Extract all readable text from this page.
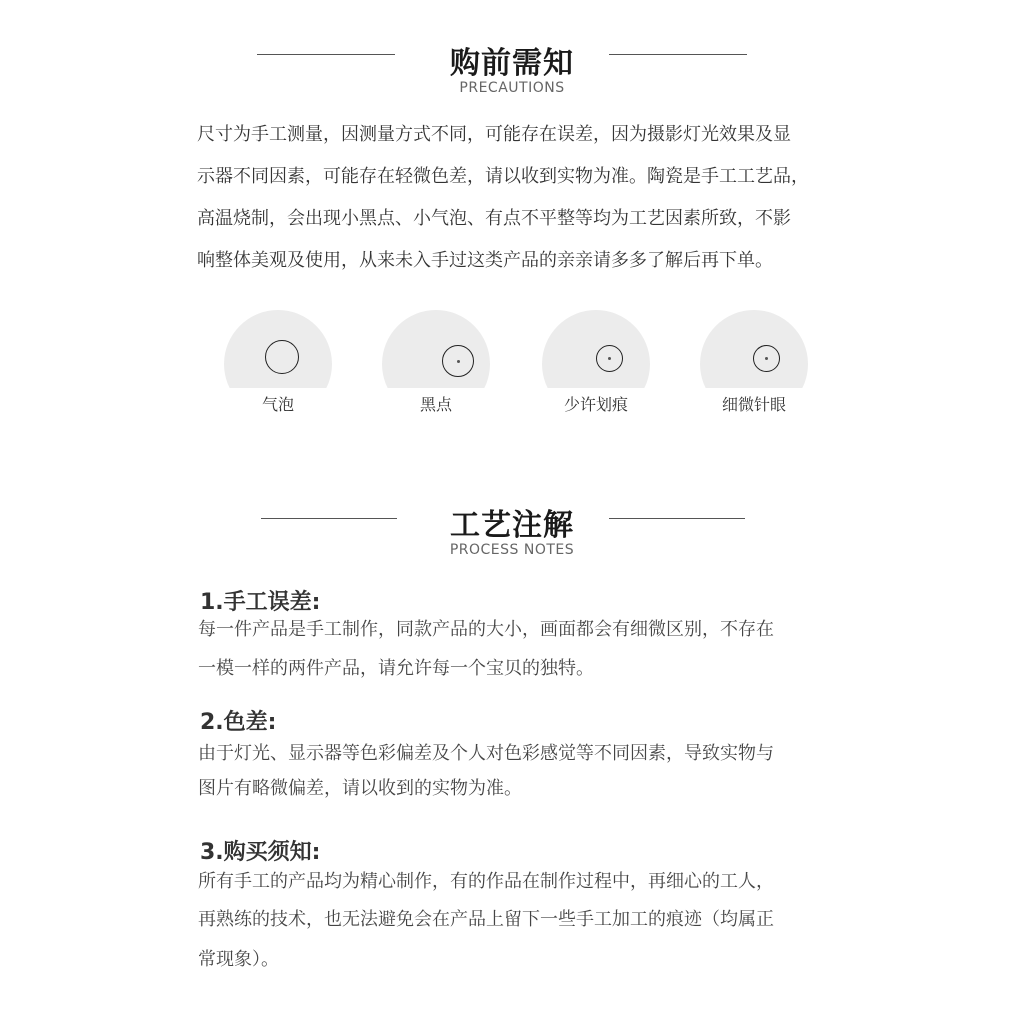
购前需知
PRECAUTIONS

尺寸为手工测量，因测量方式不同，可能存在误差，因为摄影灯光效果及显

示器不同因素，可能存在轻微色差，请以收到实物为准。陶瓷是手工工艺品，

高温烧制，会出现小黑点、小气泡、有点不平整等均为工艺因素所致，不影

响整体美观及使用，从来未入手过这类产品的亲亲请多多了解后再下单。

气泡	黑点	少许划痕	细微针眼
工艺注解
PROCESS NOTES
1.手工误差:

每一件产品是手工制作，同款产品的大小，画面都会有细微区别，不存在

一模一样的两件产品，请允许每一个宝贝的独特。

2.色差:

由于灯光、显示器等色彩偏差及个人对色彩感觉等不同因素，导致实物与

图片有略微偏差，请以收到的实物为准。

3.购买须知:

所有手工的产品均为精心制作，有的作品在制作过程中，再细心的工人，

再熟练的技术，也无法避免会在产品上留下一些手工加工的痕迹（均属正

常现象）。
